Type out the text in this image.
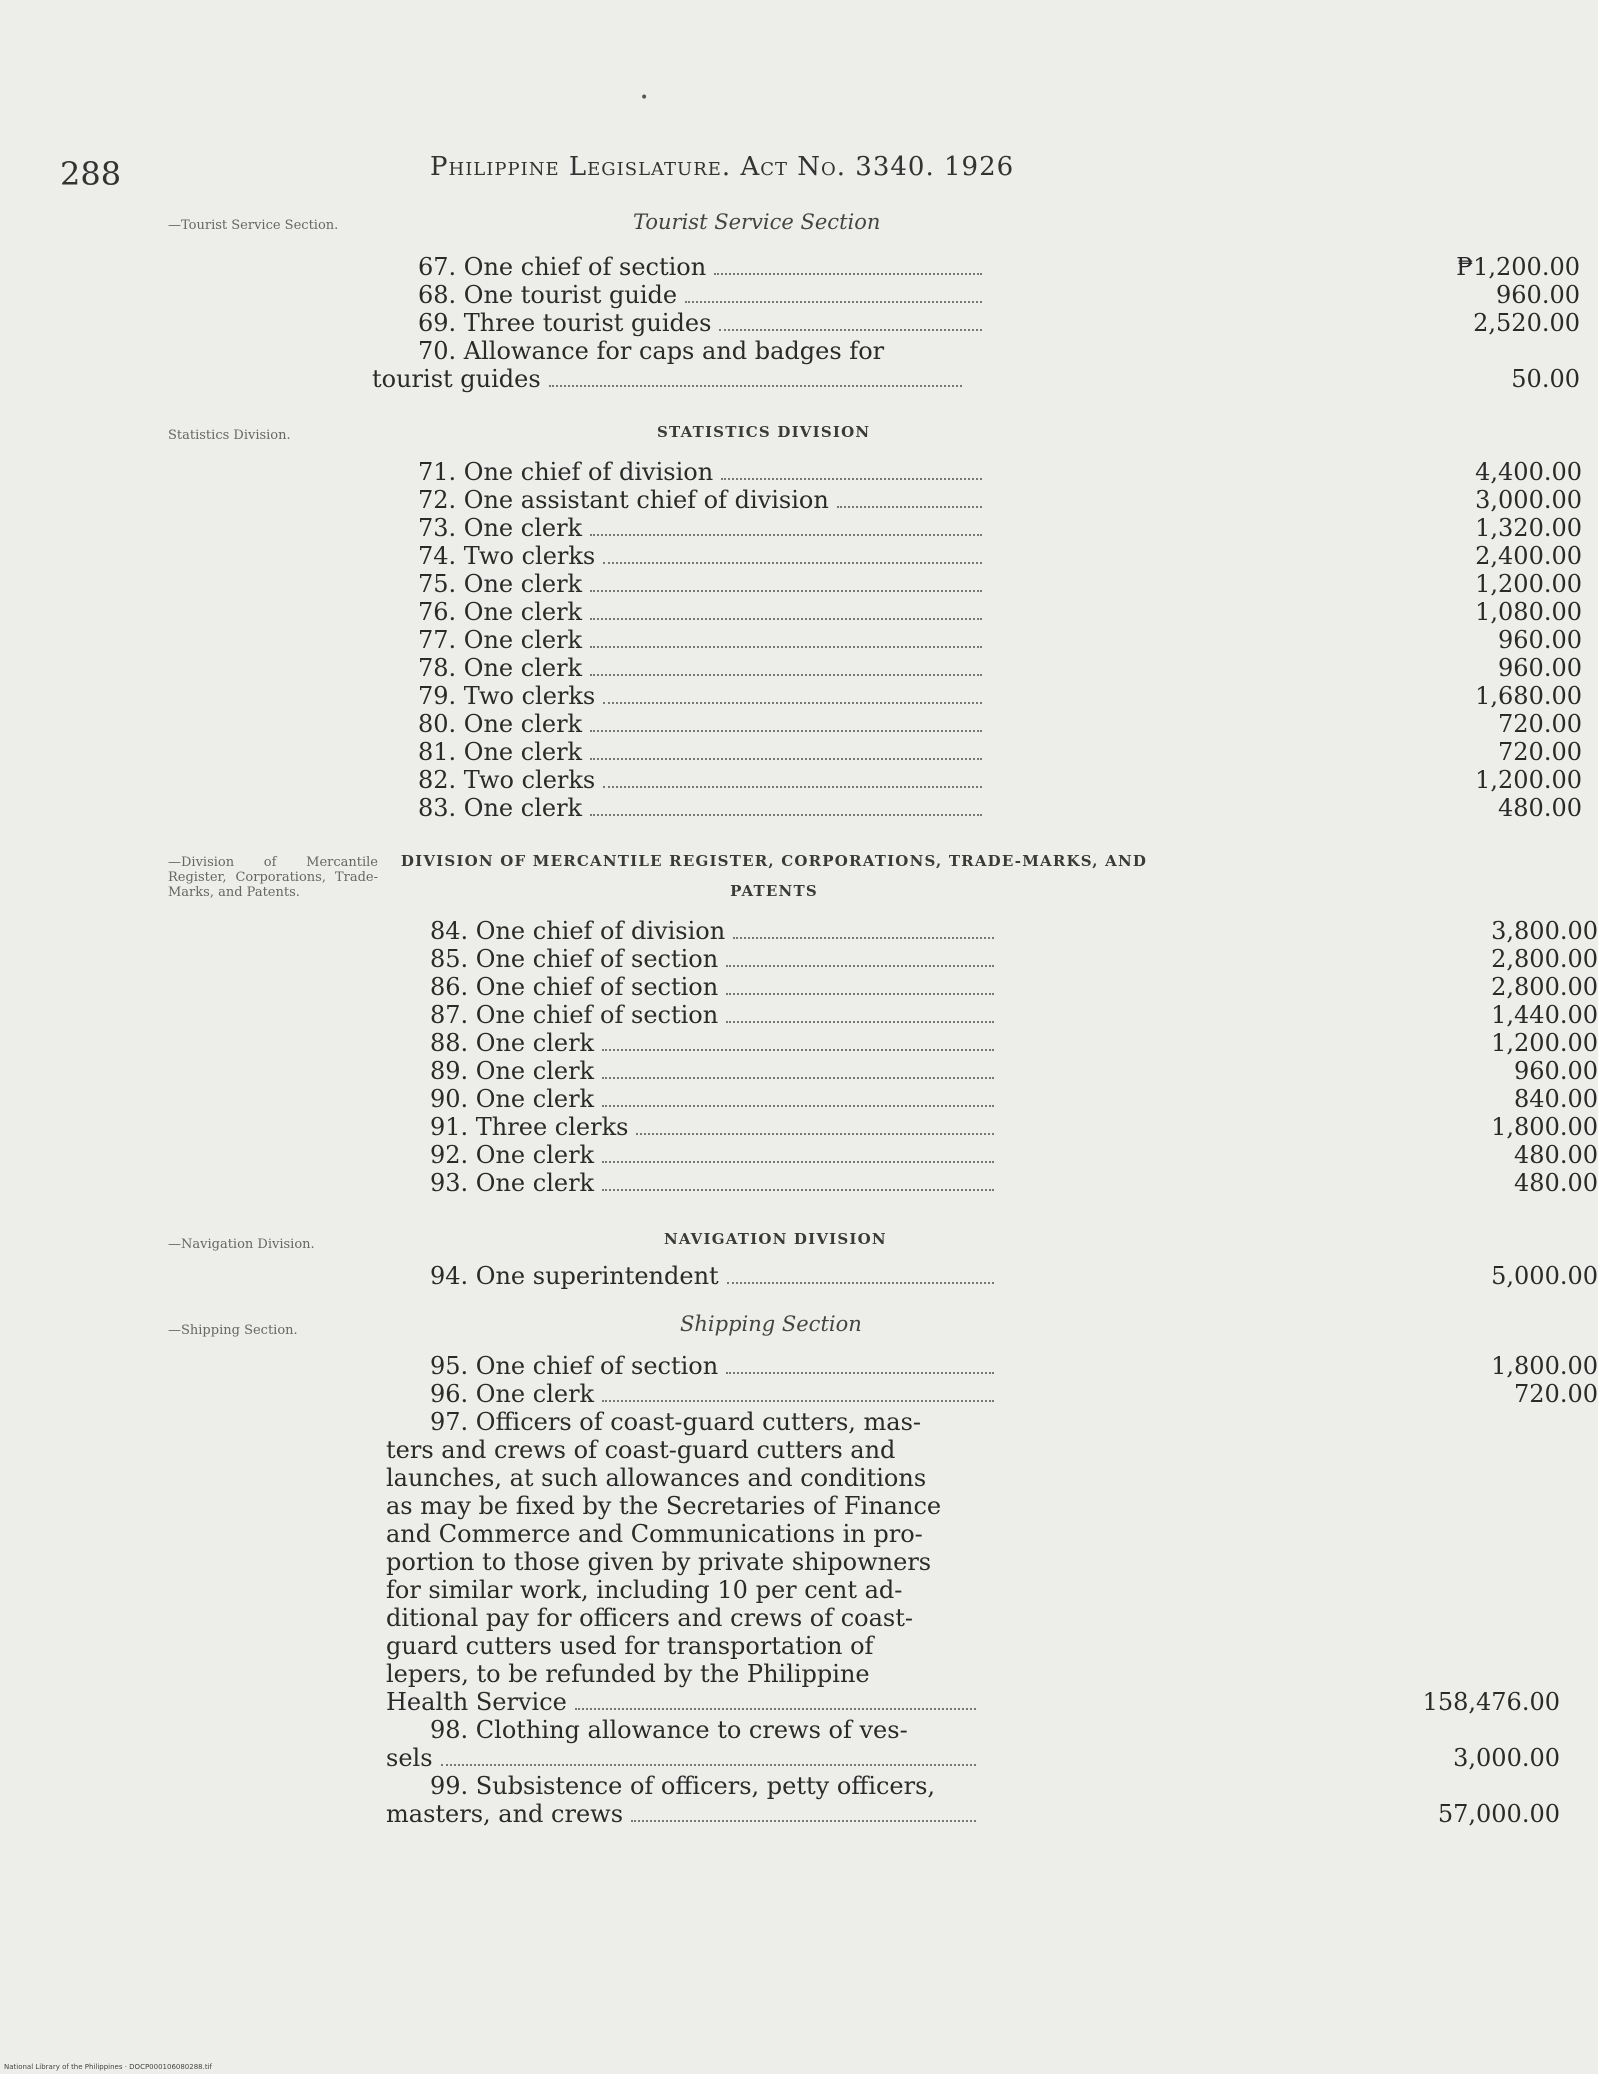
•
288	Philippine Legislature. Act No. 3340. 1926
—Tourist Service Section.	Tourist Service Section
67. One chief of section	₱1,200.00
68. One tourist guide	960.00
69. Three tourist guides	2,520.00
70. Allowance for caps and badges for
tourist guides	50.00
Statistics Division.	STATISTICS DIVISION
71. One chief of division	4,400.00
72. One assistant chief of division	3,000.00
73. One clerk	1,320.00
74. Two clerks	2,400.00
75. One clerk	1,200.00
76. One clerk	1,080.00
77. One clerk	960.00
78. One clerk	960.00
79. Two clerks	1,680.00
80. One clerk	720.00
81. One clerk	720.00
82. Two clerks	1,200.00
83. One clerk	480.00
—Division of Mercantile Register, Corporations, Trade-Marks, and Patents.
DIVISION OF MERCANTILE REGISTER, CORPORATIONS, TRADE-MARKS, AND
PATENTS
84. One chief of division	3,800.00
85. One chief of section	2,800.00
86. One chief of section	2,800.00
87. One chief of section	1,440.00
88. One clerk	1,200.00
89. One clerk	960.00
90. One clerk	840.00
91. Three clerks	1,800.00
92. One clerk	480.00
93. One clerk	480.00
—Navigation Division.	NAVIGATION DIVISION
94. One superintendent	5,000.00
—Shipping Section.	Shipping Section
95. One chief of section	1,800.00
96. One clerk	720.00
97. Officers of coast-guard cutters, mas-
ters and crews of coast-guard cutters and
launches, at such allowances and conditions
as may be fixed by the Secretaries of Finance
and Commerce and Communications in pro-
portion to those given by private shipowners
for similar work, including 10 per cent ad-
ditional pay for officers and crews of coast-
guard cutters used for transportation of
lepers, to be refunded by the Philippine
Health Service	158,476.00
98. Clothing allowance to crews of ves-
sels	3,000.00
99. Subsistence of officers, petty officers,
masters, and crews	57,000.00
National Library of the Philippines · DOCP000106080288.tif
